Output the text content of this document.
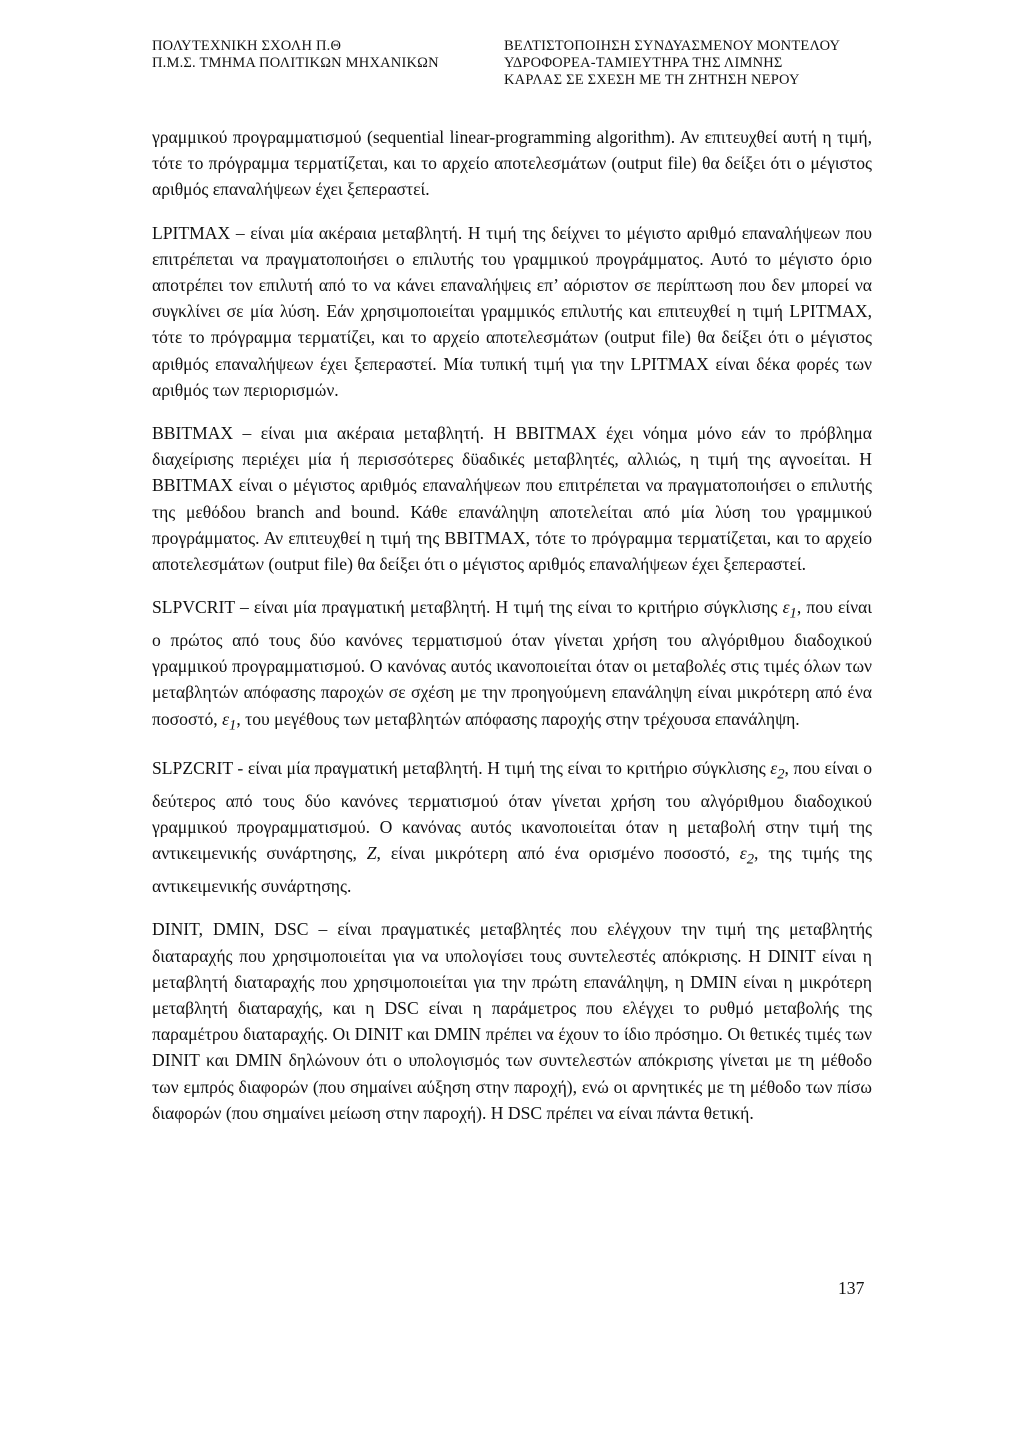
ΠΟΛΥΤΕΧΝΙΚΗ ΣΧΟΛΗ Π.Θ
Π.Μ.Σ. ΤΜΗΜΑ ΠΟΛΙΤΙΚΩΝ ΜΗΧΑΝΙΚΩΝ
ΒΕΛΤΙΣΤΟΠΟΙΗΣΗ ΣΥΝΔΥΑΣΜΕΝΟΥ ΜΟΝΤΕΛΟΥ
ΥΔΡΟΦΟΡΕΑ-ΤΑΜΙΕΥΤΗΡΑ ΤΗΣ ΛΙΜΝΗΣ
ΚΑΡΛΑΣ ΣΕ ΣΧΕΣΗ ΜΕ ΤΗ ΖΗΤΗΣΗ ΝΕΡΟΥ

γραμμικού προγραμματισμού (sequential linear-programming algorithm). Αν επιτευχθεί αυτή η τιμή, τότε το πρόγραμμα τερματίζεται, και το αρχείο αποτελεσμάτων (output file) θα δείξει ότι ο μέγιστος αριθμός επαναλήψεων έχει ξεπεραστεί.

LPITMAX – είναι μία ακέραια μεταβλητή. Η τιμή της δείχνει το μέγιστο αριθμό επαναλήψεων που επιτρέπεται να πραγματοποιήσει ο επιλυτής του γραμμικού προγράμματος. Αυτό το μέγιστο όριο αποτρέπει τον επιλυτή από το να κάνει επαναλήψεις επ’ αόριστον σε περίπτωση που δεν μπορεί να συγκλίνει σε μία λύση. Εάν χρησιμοποιείται γραμμικός επιλυτής και επιτευχθεί η τιμή LPITMAX, τότε το πρόγραμμα τερματίζει, και το αρχείο αποτελεσμάτων (output file) θα δείξει ότι ο μέγιστος αριθμός επαναλήψεων έχει ξεπεραστεί. Μία τυπική τιμή για την LPITMAX είναι δέκα φορές των αριθμός των περιορισμών.

BBITMAX – είναι μια ακέραια μεταβλητή. Η BBITMAX έχει νόημα μόνο εάν το πρόβλημα διαχείρισης περιέχει μία ή περισσότερες δϋαδικές μεταβλητές, αλλιώς, η τιμή της αγνοείται. Η BBITMAX είναι ο μέγιστος αριθμός επαναλήψεων που επιτρέπεται να πραγματοποιήσει ο επιλυτής της μεθόδου branch and bound. Κάθε επανάληψη αποτελείται από μία λύση του γραμμικού προγράμματος. Αν επιτευχθεί η τιμή της BBITMAX, τότε το πρόγραμμα τερματίζεται, και το αρχείο αποτελεσμάτων (output file) θα δείξει ότι ο μέγιστος αριθμός επαναλήψεων έχει ξεπεραστεί.

SLPVCRIT – είναι μία πραγματική μεταβλητή. Η τιμή της είναι το κριτήριο σύγκλισης $\varepsilon_1$, που είναι ο πρώτος από τους δύο κανόνες τερματισμού όταν γίνεται χρήση του αλγόριθμου διαδοχικού γραμμικού προγραμματισμού. Ο κανόνας αυτός ικανοποιείται όταν οι μεταβολές στις τιμές όλων των μεταβλητών απόφασης παροχών σε σχέση με την προηγούμενη επανάληψη είναι μικρότερη από ένα ποσοστό, $\varepsilon_1$, του μεγέθους των μεταβλητών απόφασης παροχής στην τρέχουσα επανάληψη.

SLPZCRIT - είναι μία πραγματική μεταβλητή. Η τιμή της είναι το κριτήριο σύγκλισης $\varepsilon_2$, που είναι ο δεύτερος από τους δύο κανόνες τερματισμού όταν γίνεται χρήση του αλγόριθμου διαδοχικού γραμμικού προγραμματισμού. Ο κανόνας αυτός ικανοποιείται όταν η μεταβολή στην τιμή της αντικειμενικής συνάρτησης, Ζ, είναι μικρότερη από ένα ορισμένο ποσοστό, $\varepsilon_2$, της τιμής της αντικειμενικής συνάρτησης.

DINIT, DMIN, DSC – είναι πραγματικές μεταβλητές που ελέγχουν την τιμή της μεταβλητής διαταραχής που χρησιμοποιείται για να υπολογίσει τους συντελεστές απόκρισης. Η DINIT είναι η μεταβλητή διαταραχής που χρησιμοποιείται για την πρώτη επανάληψη, η DMIN είναι η μικρότερη μεταβλητή διαταραχής, και η DSC είναι η παράμετρος που ελέγχει το ρυθμό μεταβολής της παραμέτρου διαταραχής. Οι DINIT και DMIN πρέπει να έχουν το ίδιο πρόσημο. Οι θετικές τιμές των DINIT και DMIN δηλώνουν ότι ο υπολογισμός των συντελεστών απόκρισης γίνεται με τη μέθοδο των εμπρός διαφορών (που σημαίνει αύξηση στην παροχή), ενώ οι αρνητικές με τη μέθοδο των πίσω διαφορών (που σημαίνει μείωση στην παροχή). Η DSC πρέπει να είναι πάντα θετική.

137
